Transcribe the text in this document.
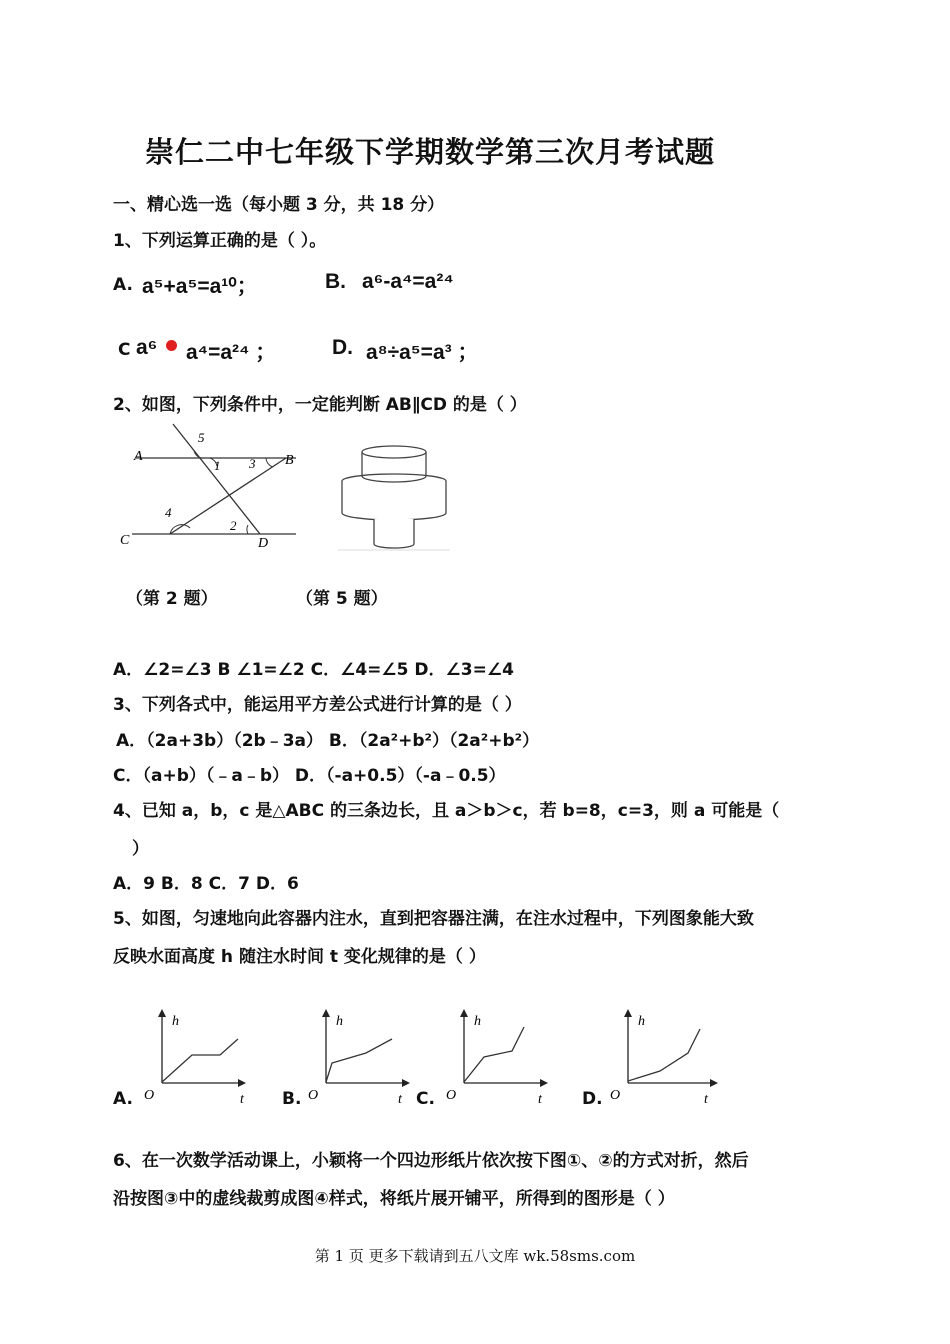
崇仁二中七年级下学期数学第三次月考试题
一、精心选一选（每小题 3 分，共 18 分）
1、下列运算正确的是（ ）。
A. a⁵+a⁵=a¹⁰；	B. a⁶-a⁴=a²⁴
C a⁶ a⁴=a²⁴ ；	D. a⁸÷a⁵=a³ ；
2、如图，下列条件中，一定能判断 AB∥CD 的是（ ）
A	B
C	D
1
2
3
4
5
（第 2 题）	（第 5 题）
A．∠2=∠3 B ∠1=∠2 C．∠4=∠5 D．∠3=∠4
3、下列各式中，能运用平方差公式进行计算的是（ ）
A．（2a+3b）（2b﹣3a） B．（2a²+b²）（2a²+b²）
C．（a+b）（﹣a﹣b） D．（-a+0.5）（-a﹣0.5）
4、已知 a，b，c 是△ABC 的三条边长，且 a＞b＞c，若 b=8，c=3，则 a 可能是（
）
A．9 B．8 C．7 D．6
5、如图，匀速地向此容器内注水，直到把容器注满，在注水过程中，下列图象能大致
反映水面高度 h 随注水时间 t 变化规律的是（ ）
A.
h
O	t B.
h
O	t C.
h
O	t D.
h
O	t
6、在一次数学活动课上，小颖将一个四边形纸片依次按下图①、②的方式对折，然后
沿按图③中的虚线裁剪成图④样式，将纸片展开铺平，所得到的图形是（ ）
第 1 页 更多下载请到五八文库 wk.58sms.com
